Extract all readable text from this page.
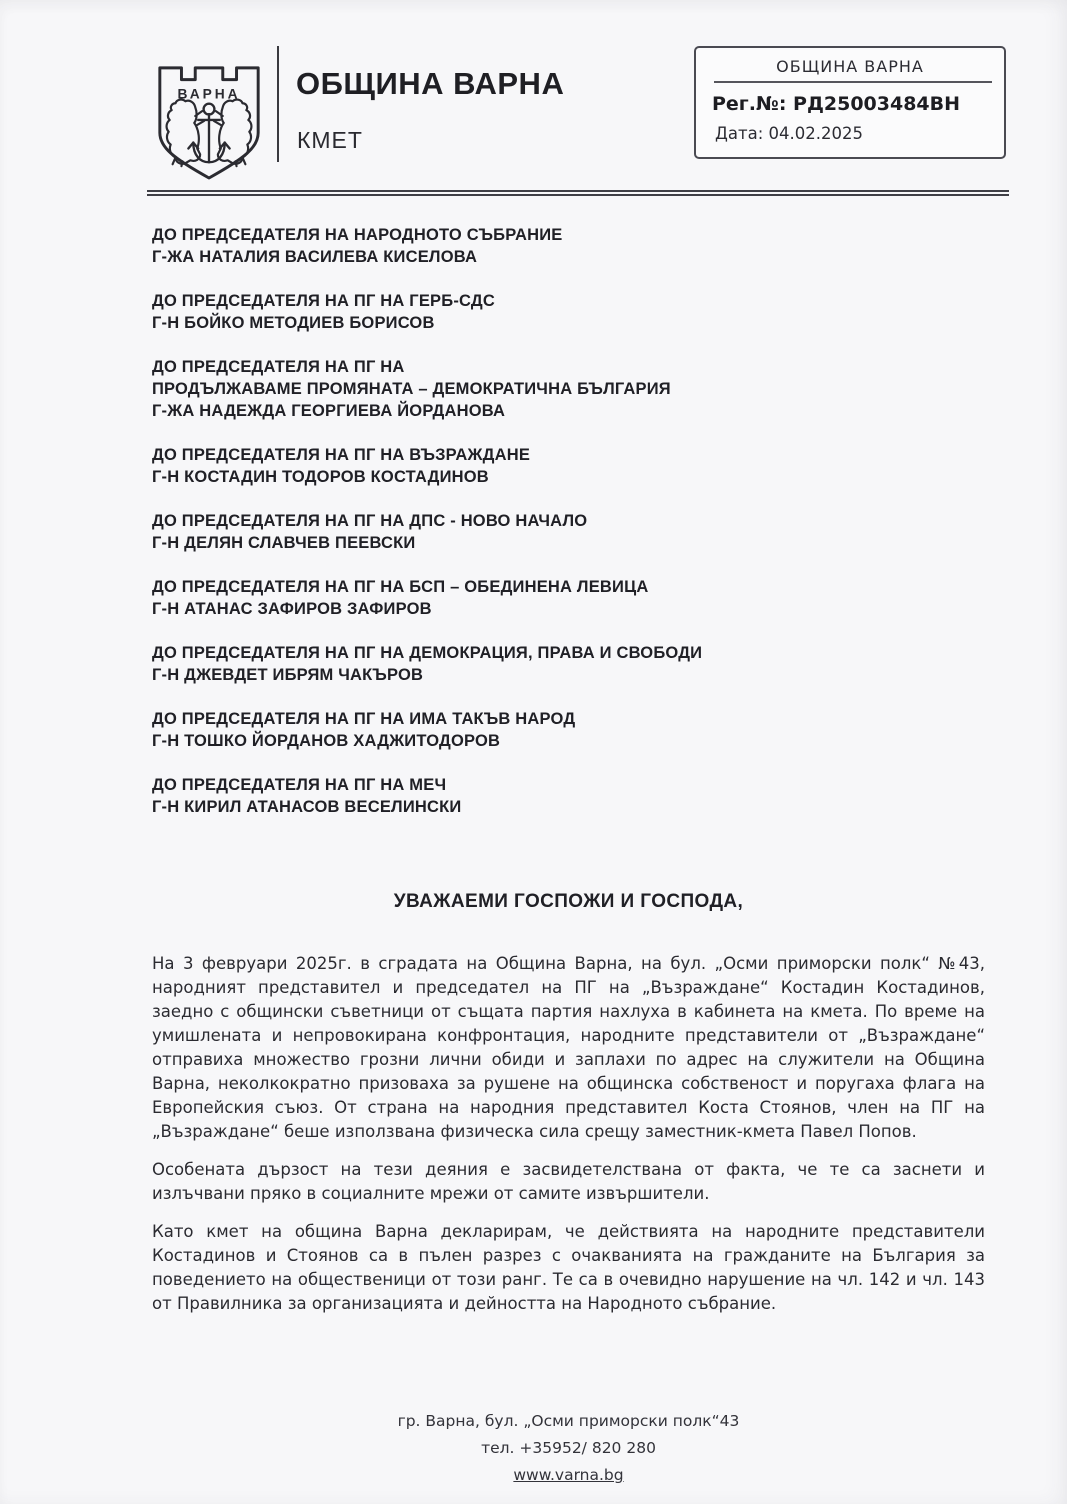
ВАРНА ОБЩИНА ВАРНА
КМЕТ
ОБЩИНА ВАРНА
Рег.№: РД25003484ВН
Дата: 04.02.2025
ДО ПРЕДСЕДАТЕЛЯ НА НАРОДНОТО СЪБРАНИЕ
Г-ЖА НАТАЛИЯ ВАСИЛЕВА КИСЕЛОВА
ДО ПРЕДСЕДАТЕЛЯ НА ПГ НА ГЕРБ-СДС
Г-Н БОЙКО МЕТОДИЕВ БОРИСОВ
ДО ПРЕДСЕДАТЕЛЯ НА ПГ НА
ПРОДЪЛЖАВАМЕ ПРОМЯНАТА – ДЕМОКРАТИЧНА БЪЛГАРИЯ
Г-ЖА НАДЕЖДА ГЕОРГИЕВА ЙОРДАНОВА
ДО ПРЕДСЕДАТЕЛЯ НА ПГ НА ВЪЗРАЖДАНЕ
Г-Н КОСТАДИН ТОДОРОВ КОСТАДИНОВ
ДО ПРЕДСЕДАТЕЛЯ НА ПГ НА ДПС - НОВО НАЧАЛО
Г-Н ДЕЛЯН СЛАВЧЕВ ПЕЕВСКИ
ДО ПРЕДСЕДАТЕЛЯ НА ПГ НА БСП – ОБЕДИНЕНА ЛЕВИЦА
Г-Н АТАНАС ЗАФИРОВ ЗАФИРОВ
ДО ПРЕДСЕДАТЕЛЯ НА ПГ НА ДЕМОКРАЦИЯ, ПРАВА И СВОБОДИ
Г-Н ДЖЕВДЕТ ИБРЯМ ЧАКЪРОВ
ДО ПРЕДСЕДАТЕЛЯ НА ПГ НА ИМА ТАКЪВ НАРОД
Г-Н ТОШКО ЙОРДАНОВ ХАДЖИТОДОРОВ
ДО ПРЕДСЕДАТЕЛЯ НА ПГ НА МЕЧ
Г-Н КИРИЛ АТАНАСОВ ВЕСЕЛИНСКИ
УВАЖАЕМИ ГОСПОЖИ И ГОСПОДА,

На 3 февруари 2025г. в сградата на Община Варна, на бул. „Осми приморски полк“ №43, народният представител и председател на ПГ на „Възраждане“ Костадин Костадинов, заедно с общински съветници от същата партия нахлуха в кабинета на кмета. По време на умишлената и непровокирана конфронтация, народните представители от „Възраждане“ отправиха множество грозни лични обиди и заплахи по адрес на служители на Община Варна, неколкократно призоваха за рушене на общинска собственост и поругаха флага на Европейския съюз. От страна на народния представител Коста Стоянов, член на ПГ на „Възраждане“ беше използвана физическа сила срещу заместник-кмета Павел Попов.

Особената дързост на тези деяния е засвидетелствана от факта, че те са заснети и излъчвани пряко в социалните мрежи от самите извършители.

Като кмет на община Варна декларирам, че действията на народните представители Костадинов и Стоянов са в пълен разрез с очакванията на гражданите на България за поведението на общественици от този ранг. Те са в очевидно нарушение на чл. 142 и чл. 143 от Правилника за организацията и дейността на Народното събрание.

гр. Варна, бул. „Осми приморски полк“43
тел. +35952/ 820 280
www.varna.bg
